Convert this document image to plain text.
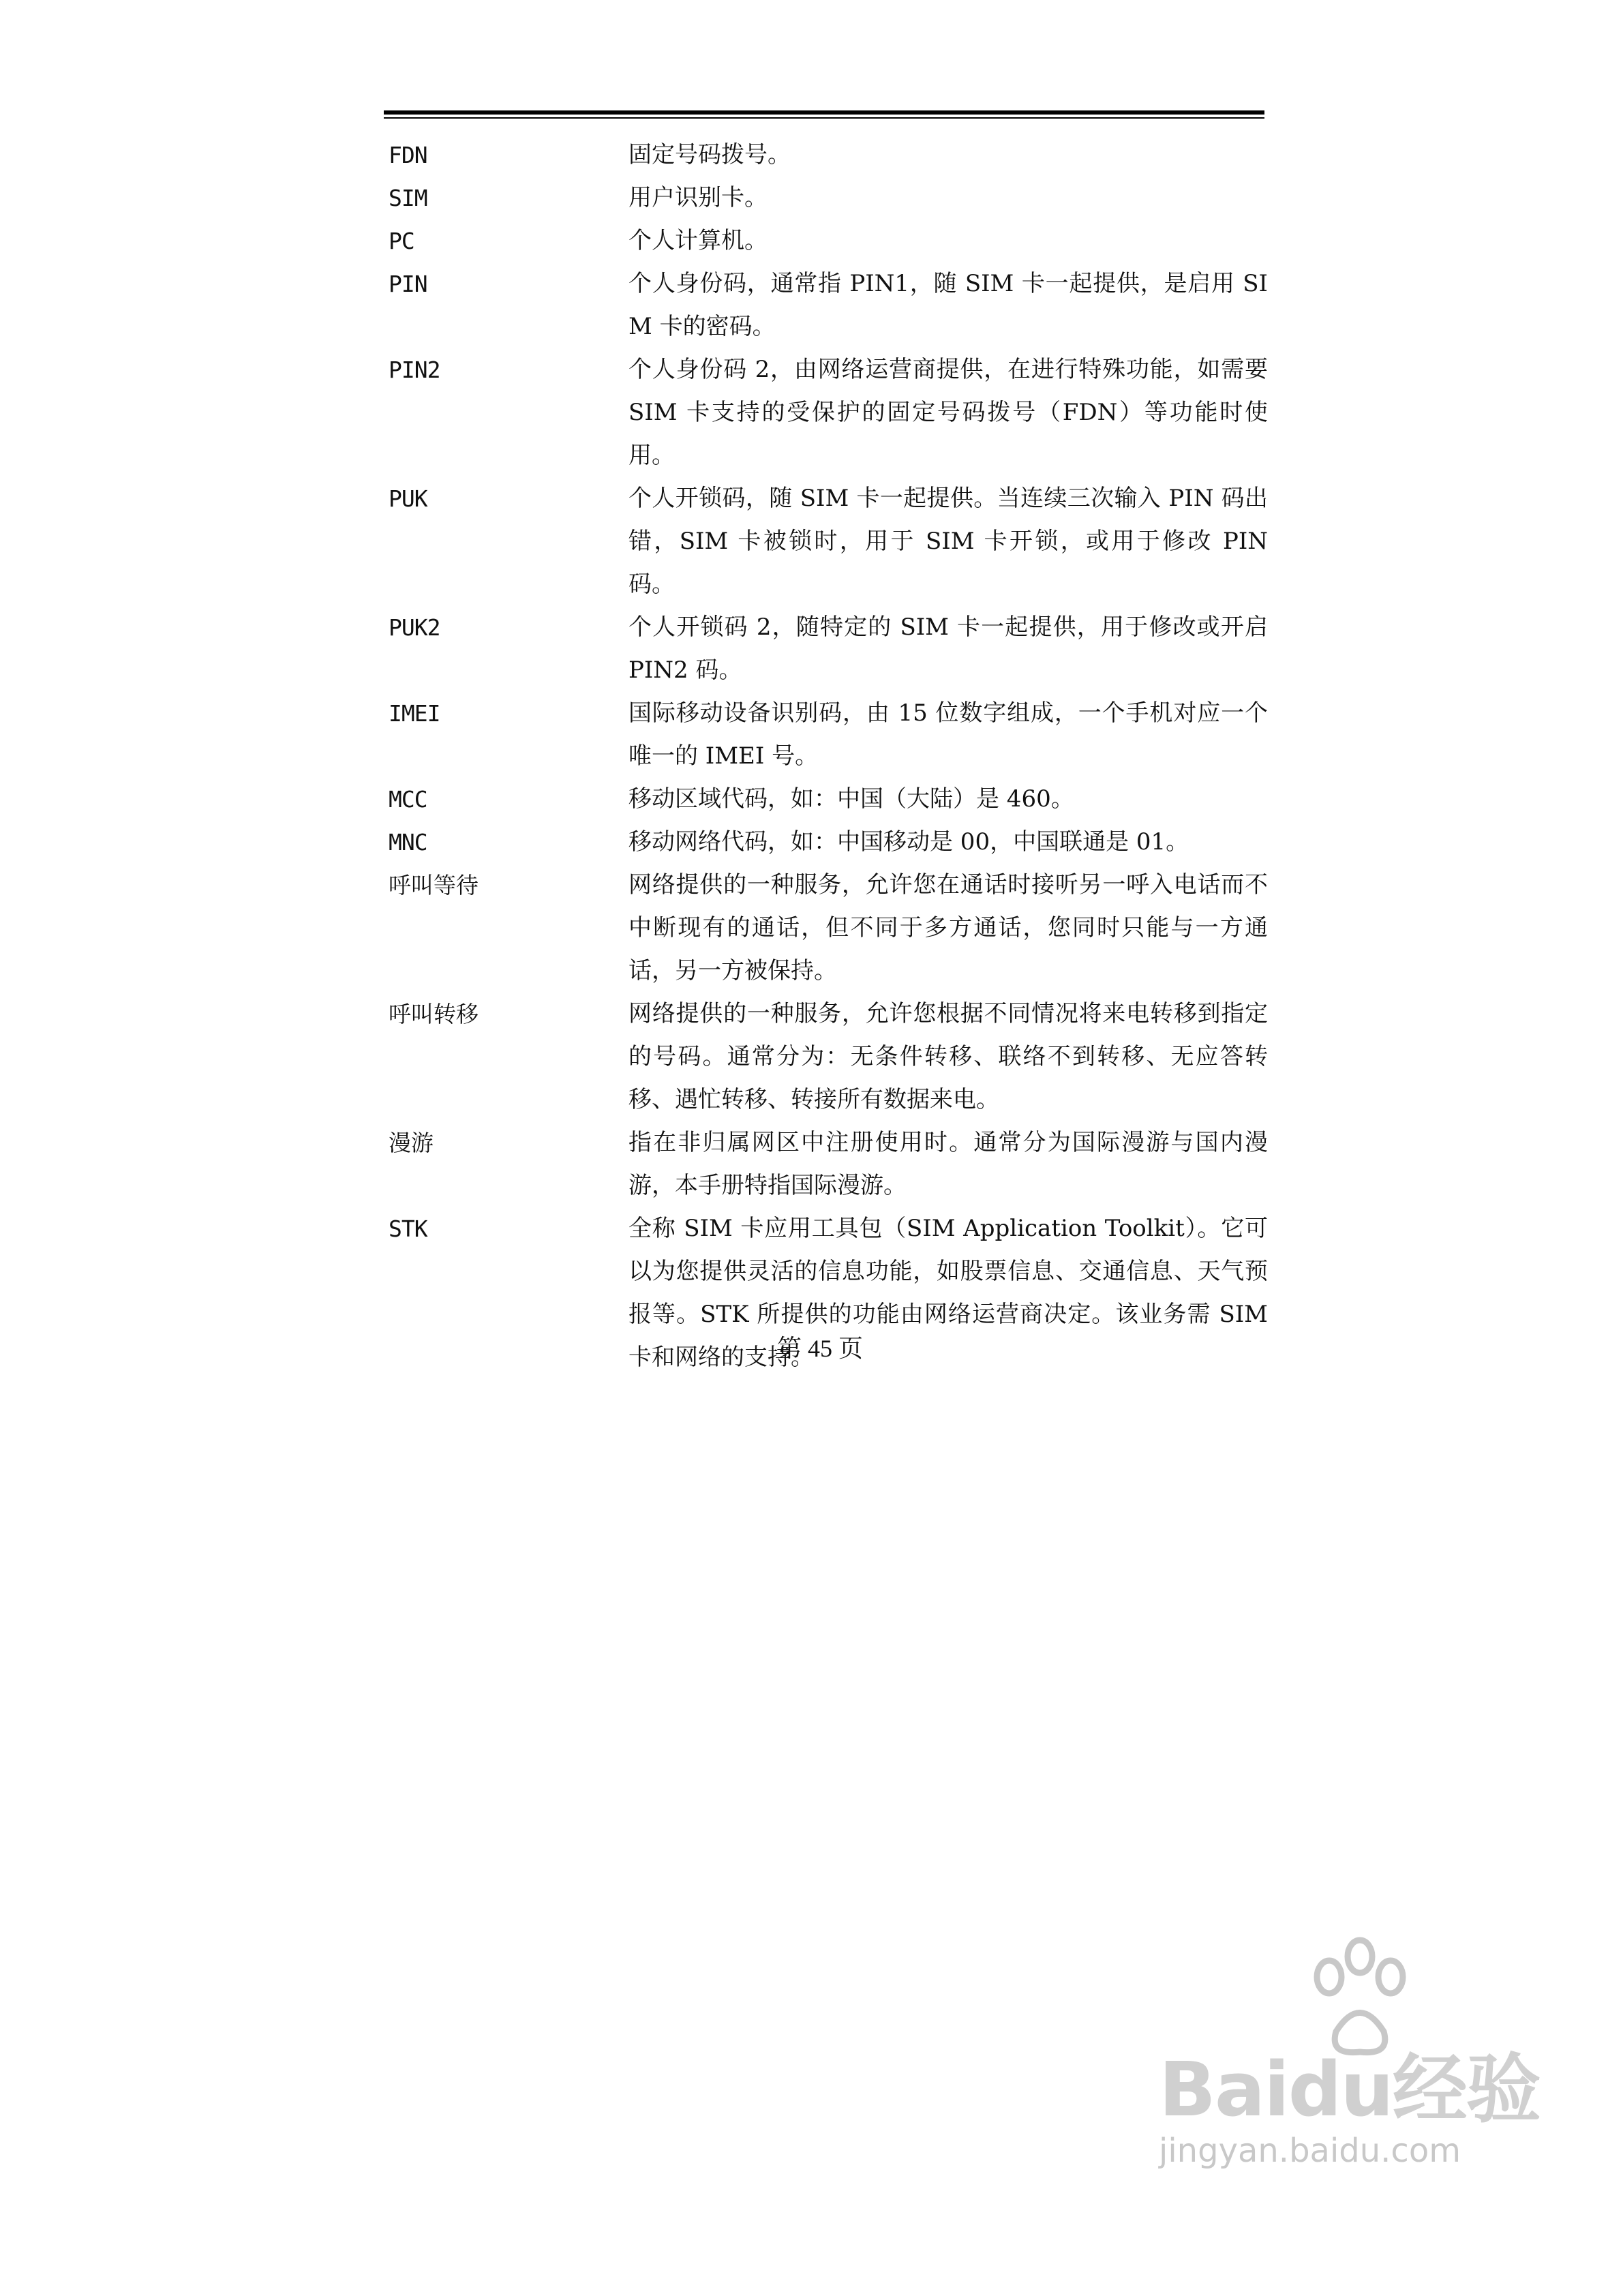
FDN	固定号码拨号。
SIM	用户识别卡。
PC	个人计算机。
PIN	个人身份码，通常指 PIN1，随 SIM 卡一起提供，是启用 SIM 卡的密码。
PIN2	个人身份码 2，由网络运营商提供，在进行特殊功能，如需要 SIM 卡支持的受保护的固定号码拨号（FDN）等功能时使用。
PUK	个人开锁码，随 SIM 卡一起提供。当连续三次输入 PIN 码出错，SIM 卡被锁时，用于 SIM 卡开锁，或用于修改 PIN 码。
PUK2	个人开锁码 2，随特定的 SIM 卡一起提供，用于修改或开启 PIN2 码。
IMEI	国际移动设备识别码，由 15 位数字组成，一个手机对应一个唯一的 IMEI 号。
MCC	移动区域代码，如：中国（大陆）是 460。
MNC	移动网络代码，如：中国移动是 00，中国联通是 01。
呼叫等待	网络提供的一种服务，允许您在通话时接听另一呼入电话而不中断现有的通话，但不同于多方通话，您同时只能与一方通话，另一方被保持。
呼叫转移	网络提供的一种服务，允许您根据不同情况将来电转移到指定的号码。通常分为：无条件转移、联络不到转移、无应答转移、遇忙转移、转接所有数据来电。
漫游	指在非归属网区中注册使用时。通常分为国际漫游与国内漫游，本手册特指国际漫游。
STK	全称 SIM 卡应用工具包（SIM Application Toolkit）。它可以为您提供灵活的信息功能，如股票信息、交通信息、天气预报等。STK 所提供的功能由网络运营商决定。该业务需 SIM 卡和网络的支持。
第 45 页
Baidu经验
jingyan.baidu.com
